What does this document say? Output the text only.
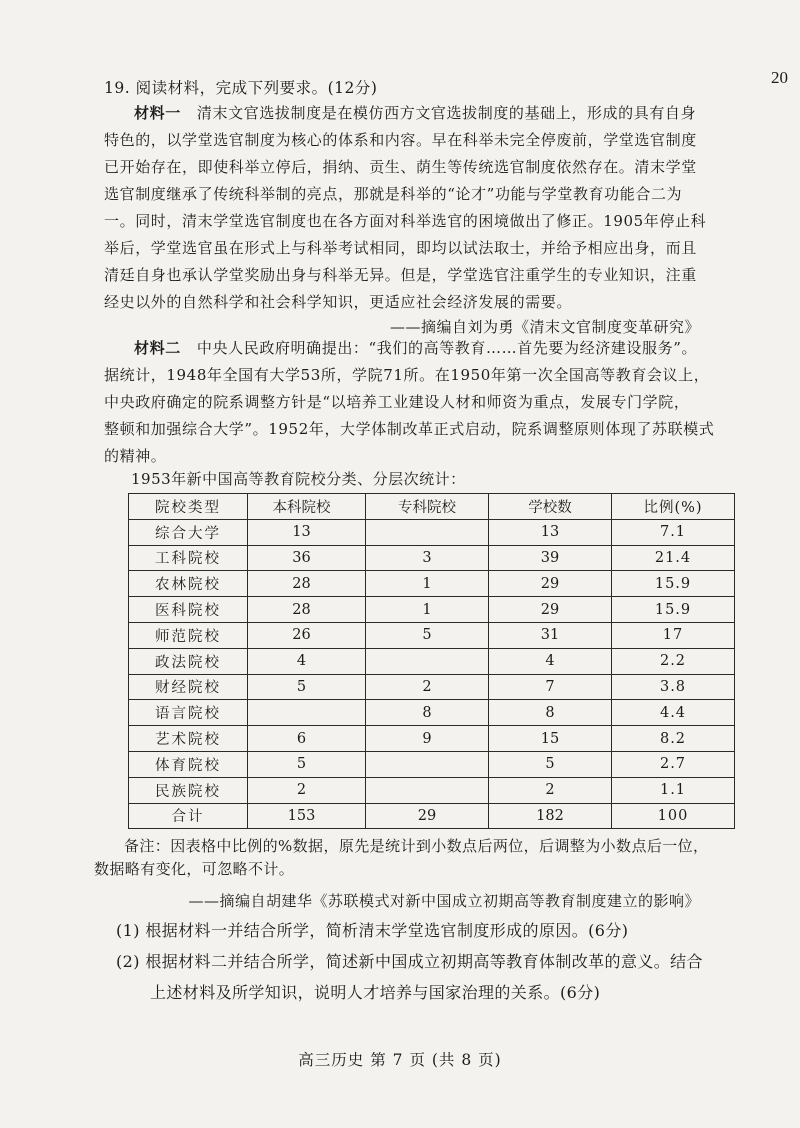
20
19. 阅读材料，完成下列要求。(12分)
材料一 清末文官选拔制度是在模仿西方文官选拔制度的基础上，形成的具有自身
特色的，以学堂选官制度为核心的体系和内容。早在科举未完全停废前，学堂选官制度
已开始存在，即使科举立停后，捐纳、贡生、荫生等传统选官制度依然存在。清末学堂
选官制度继承了传统科举制的亮点，那就是科举的“论才”功能与学堂教育功能合二为
一。同时，清末学堂选官制度也在各方面对科举选官的困境做出了修正。1905年停止科
举后，学堂选官虽在形式上与科举考试相同，即均以试法取士，并给予相应出身，而且
清廷自身也承认学堂奖励出身与科举无异。但是，学堂选官注重学生的专业知识，注重
经史以外的自然科学和社会科学知识，更适应社会经济发展的需要。
——摘编自刘为勇《清末文官制度变革研究》
材料二 中央人民政府明确提出：“我们的高等教育……首先要为经济建设服务”。
据统计，1948年全国有大学53所，学院71所。在1950年第一次全国高等教育会议上，
中央政府确定的院系调整方针是“以培养工业建设人材和师资为重点，发展专门学院，
整顿和加强综合大学”。1952年，大学体制改革正式启动，院系调整原则体现了苏联模式
的精神。
1953年新中国高等教育院校分类、分层次统计：
院校类型	本科院校	专科院校	学校数	比例(%)
综合大学	13		13	7.1
工科院校	36	3	39	21.4
农林院校	28	1	29	15.9
医科院校	28	1	29	15.9
师范院校	26	5	31	17
政法院校	4		4	2.2
财经院校	5	2	7	3.8
语言院校		8	8	4.4
艺术院校	6	9	15	8.2
体育院校	5		5	2.7
民族院校	2		2	1.1
合计	153	29	182	100
备注：因表格中比例的%数据，原先是统计到小数点后两位，后调整为小数点后一位，
数据略有变化，可忽略不计。
——摘编自胡建华《苏联模式对新中国成立初期高等教育制度建立的影响》
(1) 根据材料一并结合所学，简析清末学堂选官制度形成的原因。(6分)
(2) 根据材料二并结合所学，简述新中国成立初期高等教育体制改革的意义。结合
上述材料及所学知识，说明人才培养与国家治理的关系。(6分)
高三历史 第 7 页 (共 8 页)
